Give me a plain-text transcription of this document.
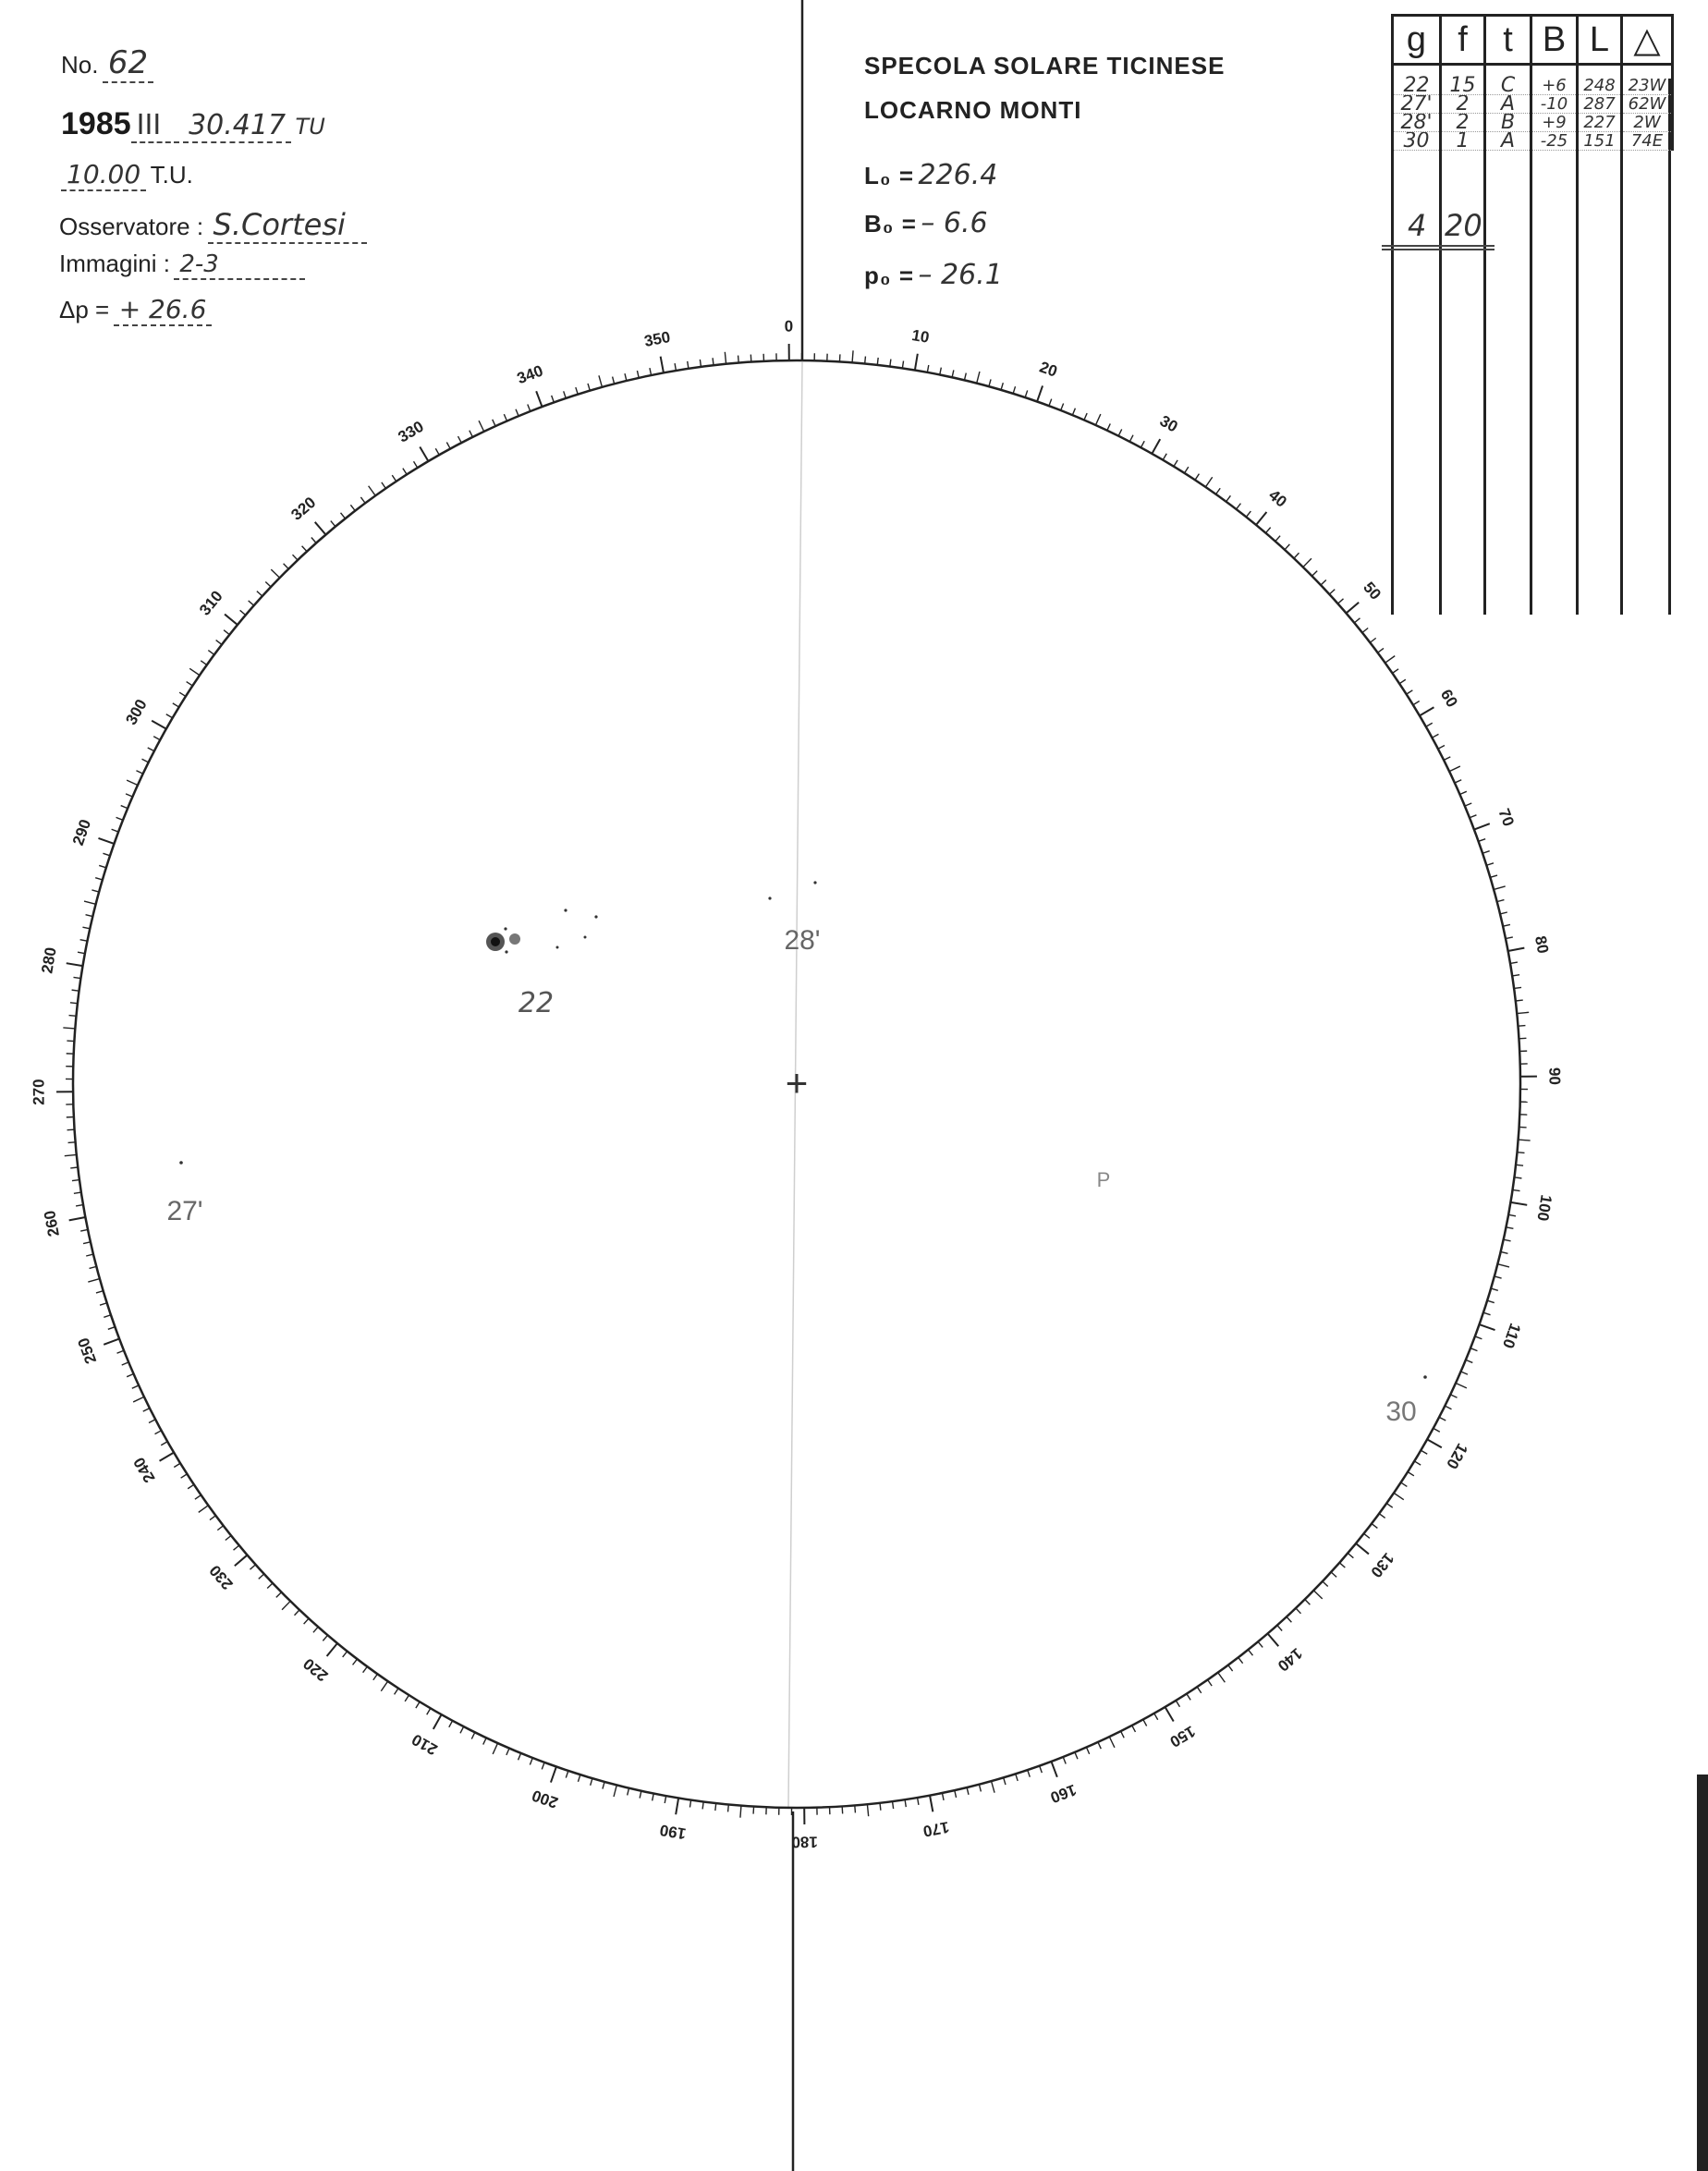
No. 62
1985 III 30.417 TU
10.00 T.U.
Osservatore : S.Cortesi
Immagini : 2-3
Δp = + 26.6
SPECOLA SOLARE TICINESE
LOCARNO MONTI
L₀ = 226.4
B₀ = – 6.6
p₀ = – 26.1
g	f	t	B	L	△
22	15	C	+6	248	23W
27'	2	A	-10	287	62W
28'	2	B	+9	227	2W
30	1	A	-25	151	74E
4 20
0
10
20
30
40
50
60
70
80
90
100
110
120
130
140
150
160
170
180
190
200
210
220
230
240
250
260
270
280
290
300
310
320
330
340
350
+
22
28'
27'
30
P
